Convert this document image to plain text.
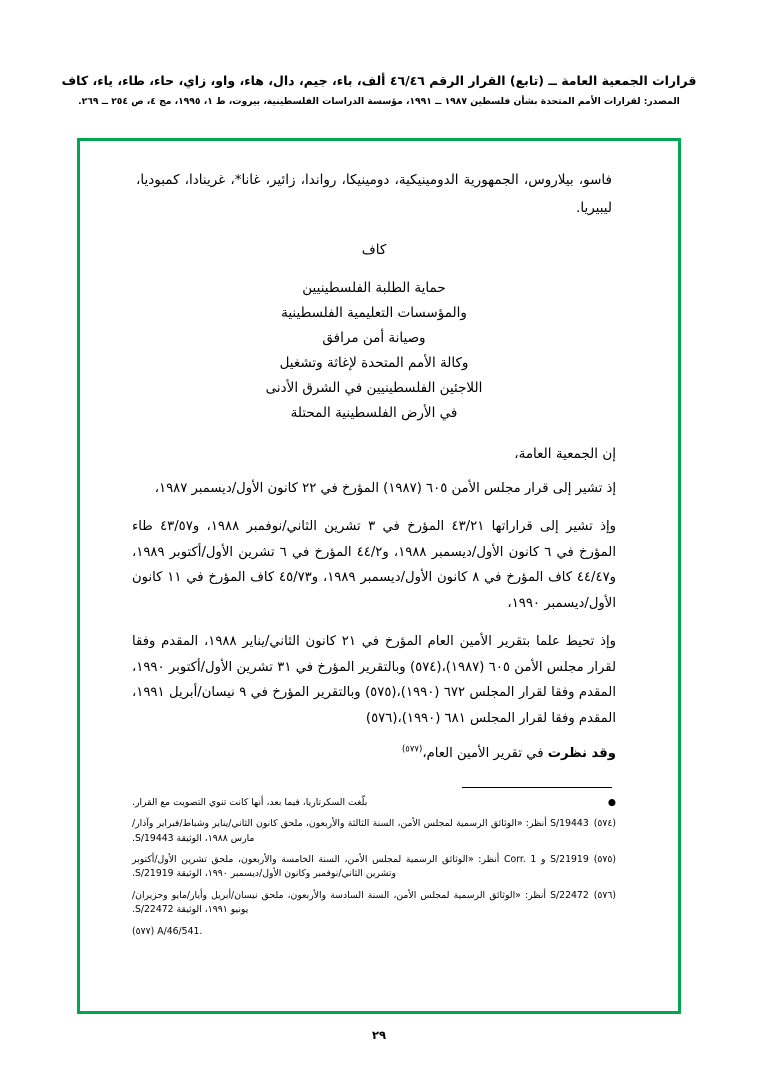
قرارات الجمعية العامة ــ (تابع) القرار الرقم ٤٦/٤٦ ألف، باء، جيم، دال، هاء، واو، زاي، حاء، طاء، ياء، كاف
المصدر: لقرارات الأمم المتحدة بشأن فلسطين ١٩٨٧ ــ ١٩٩١، مؤسسة الدراسات الفلسطينية، بيروت، ط ١، ١٩٩٥، مج ٤، ص ٢٥٤ ــ ٢٦٩.
فاسو، بيلاروس، الجمهورية الدومينيكية، دومينيكا، رواندا، زائير، غانا*، غرينادا، كمبوديا، ليبيريا.
كاف
حماية الطلبة الفلسطينيين
والمؤسسات التعليمية الفلسطينية
وصيانة أمن مرافق
وكالة الأمم المتحدة لإغاثة وتشغيل
اللاجئين الفلسطينيين في الشرق الأدنى
في الأرض الفلسطينية المحتلة
إن الجمعية العامة،
إذ تشير إلى قرار مجلس الأمن ٦٠٥ (١٩٨٧) المؤرخ في ٢٢ كانون الأول/ديسمبر ١٩٨٧،
وإذ تشير إلى قراراتها ٤٣/٢١ المؤرخ في ٣ تشرين الثاني/نوفمبر ١٩٨٨، و٤٣/٥٧ طاء المؤرخ في ٦ كانون الأول/ديسمبر ١٩٨٨، و٤٤/٢ المؤرخ في ٦ تشرين الأول/أكتوبر ١٩٨٩، و٤٤/٤٧ كاف المؤرخ في ٨ كانون الأول/ديسمبر ١٩٨٩، و٤٥/٧٣ كاف المؤرخ في ١١ كانون الأول/ديسمبر ١٩٩٠،
وإذ تحيط علما بتقرير الأمين العام المؤرخ في ٢١ كانون الثاني/يناير ١٩٨٨، المقدم وفقا لقرار مجلس الأمن ٦٠٥ (١٩٨٧)،(٥٧٤) وبالتقرير المؤرخ في ٣١ تشرين الأول/أكتوبر ١٩٩٠، المقدم وفقا لقرار المجلس ٦٧٢ (١٩٩٠)،(٥٧٥) وبالتقرير المؤرخ في ٩ نيسان/أبريل ١٩٩١، المقدم وفقا لقرار المجلس ٦٨١ (١٩٩٠)،(٥٧٦)
وقد نظرت في تقرير الأمين العام،$^{(٥٧٧)}$
●
بلّغت السكرتاريا، فيما بعد، أنها كانت تنوي التصويت مع القرار.
(٥٧٤)
S/19443 أنظر: «الوثائق الرسمية لمجلس الأمن، السنة الثالثة والأربعون، ملحق كانون الثاني/يناير وشباط/فبراير وآذار/مارس ١٩٨٨، الوثيقة S/19443.
(٥٧٥)
S/21919 و Corr. 1 أنظر: «الوثائق الرسمية لمجلس الأمن، السنة الخامسة والأربعون، ملحق تشرين الأول/أكتوبر وتشرين الثاني/نوفمبر وكانون الأول/ديسمبر ١٩٩٠، الوثيقة S/21919.
(٥٧٦)
S/22472 أنظر: «الوثائق الرسمية لمجلس الأمن، السنة السادسة والأربعون، ملحق نيسان/أبريل وأيار/مايو وحزيران/يونيو ١٩٩١، الوثيقة S/22472.
(٥٧٧) A/46/541.
٢٩
